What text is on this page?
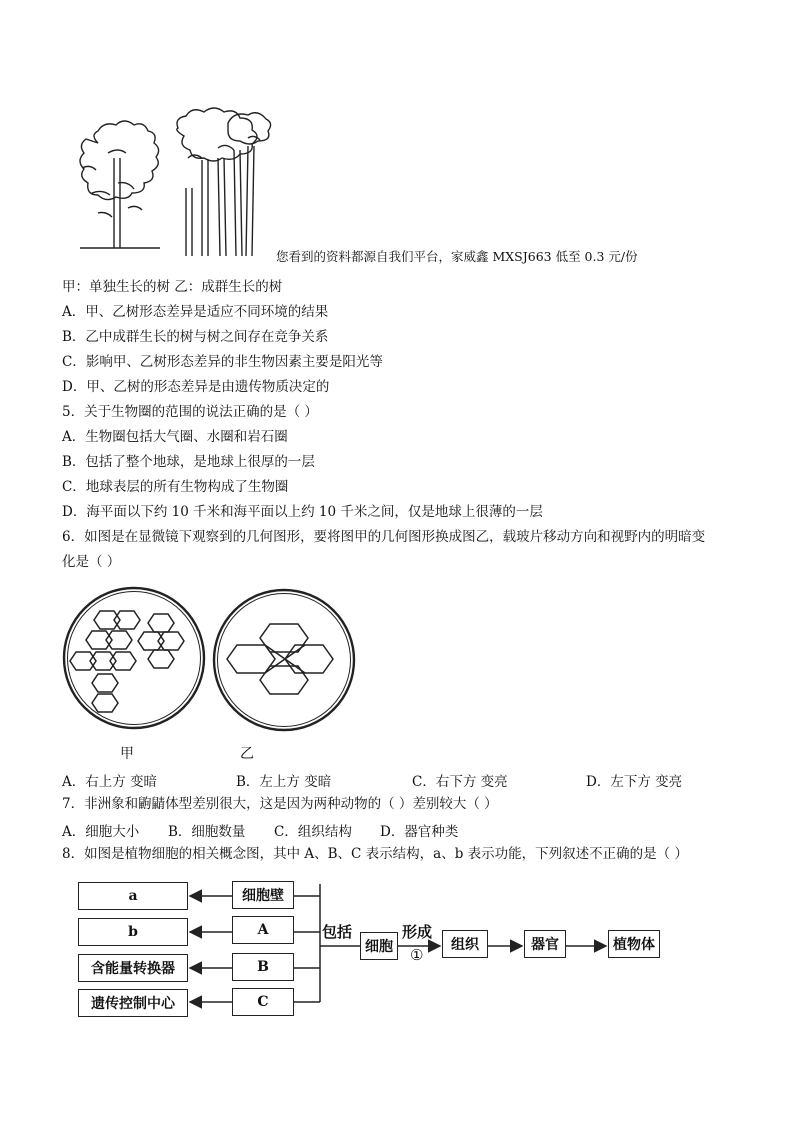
您看到的资料都源自我们平台，家威鑫 MXSJ663 低至 0.3 元/份
甲：单独生长的树 乙：成群生长的树
A．甲、乙树形态差异是适应不同环境的结果
B．乙中成群生长的树与树之间存在竞争关系
C．影响甲、乙树形态差异的非生物因素主要是阳光等
D．甲、乙树的形态差异是由遗传物质决定的
5．关于生物圈的范围的说法正确的是（ ）
A．生物圈包括大气圈、水圈和岩石圈
B．包括了整个地球，是地球上很厚的一层
C．地球表层的所有生物构成了生物圈
D．海平面以下约 10 千米和海平面以上约 10 千米之间，仅是地球上很薄的一层
6．如图是在显微镜下观察到的几何图形，要将图甲的几何图形换成图乙，载玻片移动方向和视野内的明暗变
化是（ ）
甲	乙
A．右上方 变暗	B．左上方 变暗	C．右下方 变亮	D．左下方 变亮
7．非洲象和鼩鼱体型差别很大，这是因为两种动物的（ ）差别较大（ ）
A．细胞大小 B．细胞数量 C．组织结构 D．器官种类
8．如图是植物细胞的相关概念图，其中 A、B、C 表示结构，a、b 表示功能，下列叙述不正确的是（ ）
a
b
含能量转换器
遗传控制中心
细胞壁
A
B
C
包括	形成
①
细胞	组织	器官	植物体
